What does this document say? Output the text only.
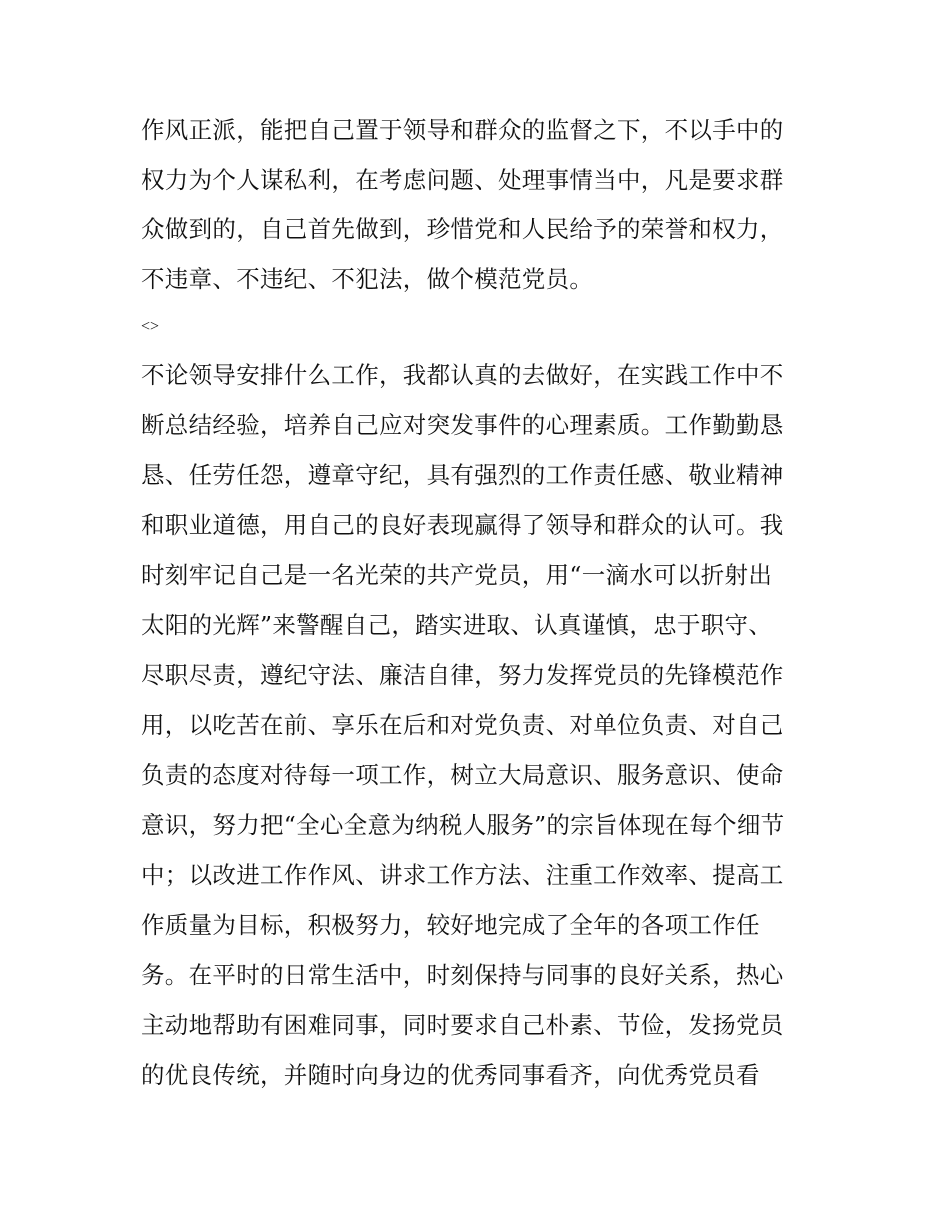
作风正派，能把自己置于领导和群众的监督之下，不以手中的
权力为个人谋私利，在考虑问题、处理事情当中，凡是要求群
众做到的，自己首先做到，珍惜党和人民给予的荣誉和权力，
不违章、不违纪、不犯法，做个模范党员。
<>
不论领导安排什么工作，我都认真的去做好，在实践工作中不
断总结经验，培养自己应对突发事件的心理素质。工作勤勤恳
恳、任劳任怨，遵章守纪，具有强烈的工作责任感、敬业精神
和职业道德，用自己的良好表现赢得了领导和群众的认可。我
时刻牢记自己是一名光荣的共产党员，用“一滴水可以折射出
太阳的光辉”来警醒自己，踏实进取、认真谨慎，忠于职守、
尽职尽责，遵纪守法、廉洁自律，努力发挥党员的先锋模范作
用，以吃苦在前、享乐在后和对党负责、对单位负责、对自己
负责的态度对待每一项工作，树立大局意识、服务意识、使命
意识，努力把“全心全意为纳税人服务”的宗旨体现在每个细节
中；以改进工作作风、讲求工作方法、注重工作效率、提高工
作质量为目标，积极努力，较好地完成了全年的各项工作任
务。在平时的日常生活中，时刻保持与同事的良好关系，热心
主动地帮助有困难同事，同时要求自己朴素、节俭，发扬党员
的优良传统，并随时向身边的优秀同事看齐，向优秀党员看
